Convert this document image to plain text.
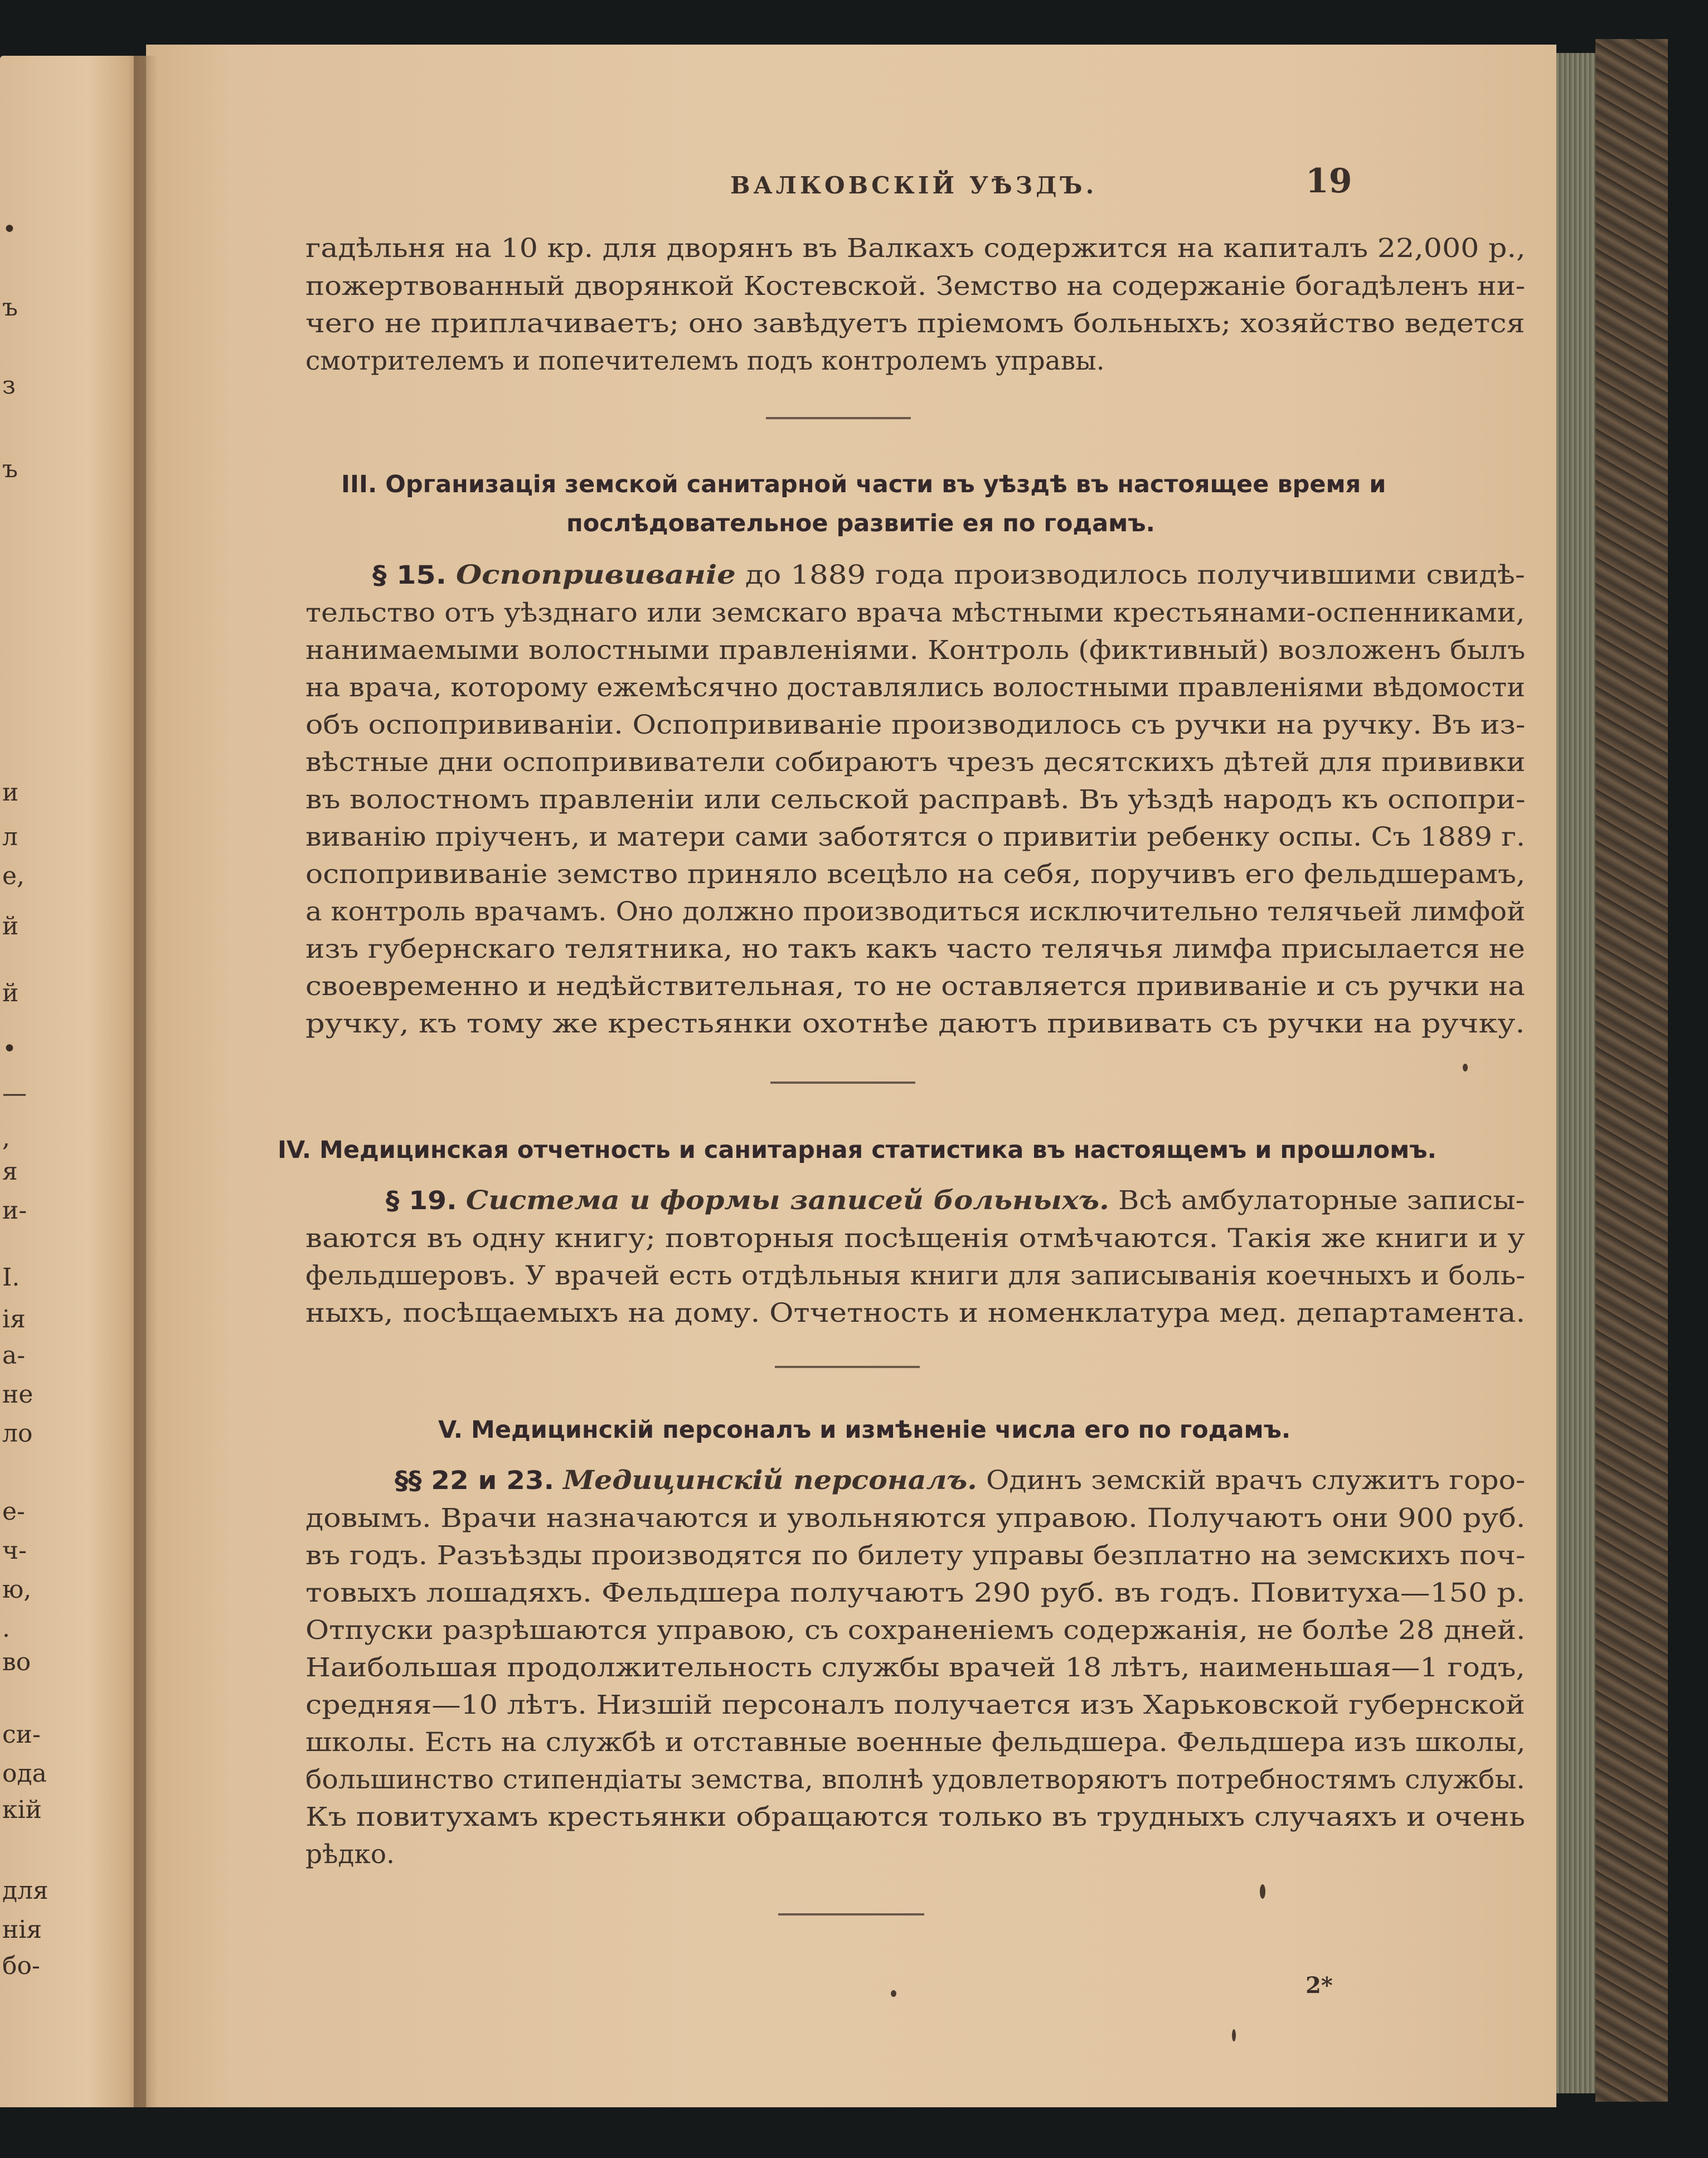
•
ъ
з
ъ
и
л
е,
й
й
•
—
,
я
и-
I.
ія
а-
не
ло
е-
ч-
ю,
.
во
си-
ода
кій
для
нія
бо-
ВАЛКОВСКІЙ УѢЗДЪ.	19
гадѣльня на 10 кр. для дворянъ въ Валкахъ содержится на капиталъ 22,000 р.,
пожертвованный дворянкой Костевской. Земство на содержаніе богадѣленъ ни-
чего не приплачиваетъ; оно завѣдуетъ пріемомъ больныхъ; хозяйство ведется
смотрителемъ и попечителемъ подъ контролемъ управы.
III. Организація земской санитарной части въ уѣздѣ въ настоящее время и
послѣдовательное развитіе ея по годамъ.
§ 15. Оспопрививаніе до 1889 года производилось получившими свидѣ-
тельство отъ уѣзднаго или земскаго врача мѣстными крестьянами-оспенниками,
нанимаемыми волостными правленіями. Контроль (фиктивный) возложенъ былъ
на врача, которому ежемѣсячно доставлялись волостными правленіями вѣдомости
объ оспопрививаніи. Оспопрививаніе производилось съ ручки на ручку. Въ из-
вѣстные дни оспопрививатели собираютъ чрезъ десятскихъ дѣтей для прививки
въ волостномъ правленіи или сельской расправѣ. Въ уѣздѣ народъ къ оспопри-
виванію пріученъ, и матери сами заботятся о привитіи ребенку оспы. Съ 1889 г.
оспопрививаніе земство приняло всецѣло на себя, поручивъ его фельдшерамъ,
а контроль врачамъ. Оно должно производиться исключительно телячьей лимфой
изъ губернскаго телятника, но такъ какъ часто телячья лимфа присылается не
своевременно и недѣйствительная, то не оставляется прививаніе и съ ручки на
ручку, къ тому же крестьянки охотнѣе даютъ прививать съ ручки на ручку.
IV. Медицинская отчетность и санитарная статистика въ настоящемъ и прошломъ.
§ 19. Система и формы записей больныхъ. Всѣ амбулаторные записы-
ваются въ одну книгу; повторныя посѣщенія отмѣчаются. Такія же книги и у
фельдшеровъ. У врачей есть отдѣльныя книги для записыванія коечныхъ и боль-
ныхъ, посѣщаемыхъ на дому. Отчетность и номенклатура мед. департамента.
V. Медицинскій персоналъ и измѣненіе числа его по годамъ.
§§ 22 и 23. Медицинскій персоналъ. Одинъ земскій врачъ служитъ горо-
довымъ. Врачи назначаются и увольняются управою. Получаютъ они 900 руб.
въ годъ. Разъѣзды производятся по билету управы безплатно на земскихъ поч-
товыхъ лошадяхъ. Фельдшера получаютъ 290 руб. въ годъ. Повитуха—150 р.
Отпуски разрѣшаются управою, съ сохраненіемъ содержанія, не болѣе 28 дней.
Наибольшая продолжительность службы врачей 18 лѣтъ, наименьшая—1 годъ,
средняя—10 лѣтъ. Низшій персоналъ получается изъ Харьковской губернской
школы. Есть на службѣ и отставные военные фельдшера. Фельдшера изъ школы,
большинство стипендіаты земства, вполнѣ удовлетворяютъ потребностямъ службы.
Къ повитухамъ крестьянки обращаются только въ трудныхъ случаяхъ и очень
рѣдко.
2*
